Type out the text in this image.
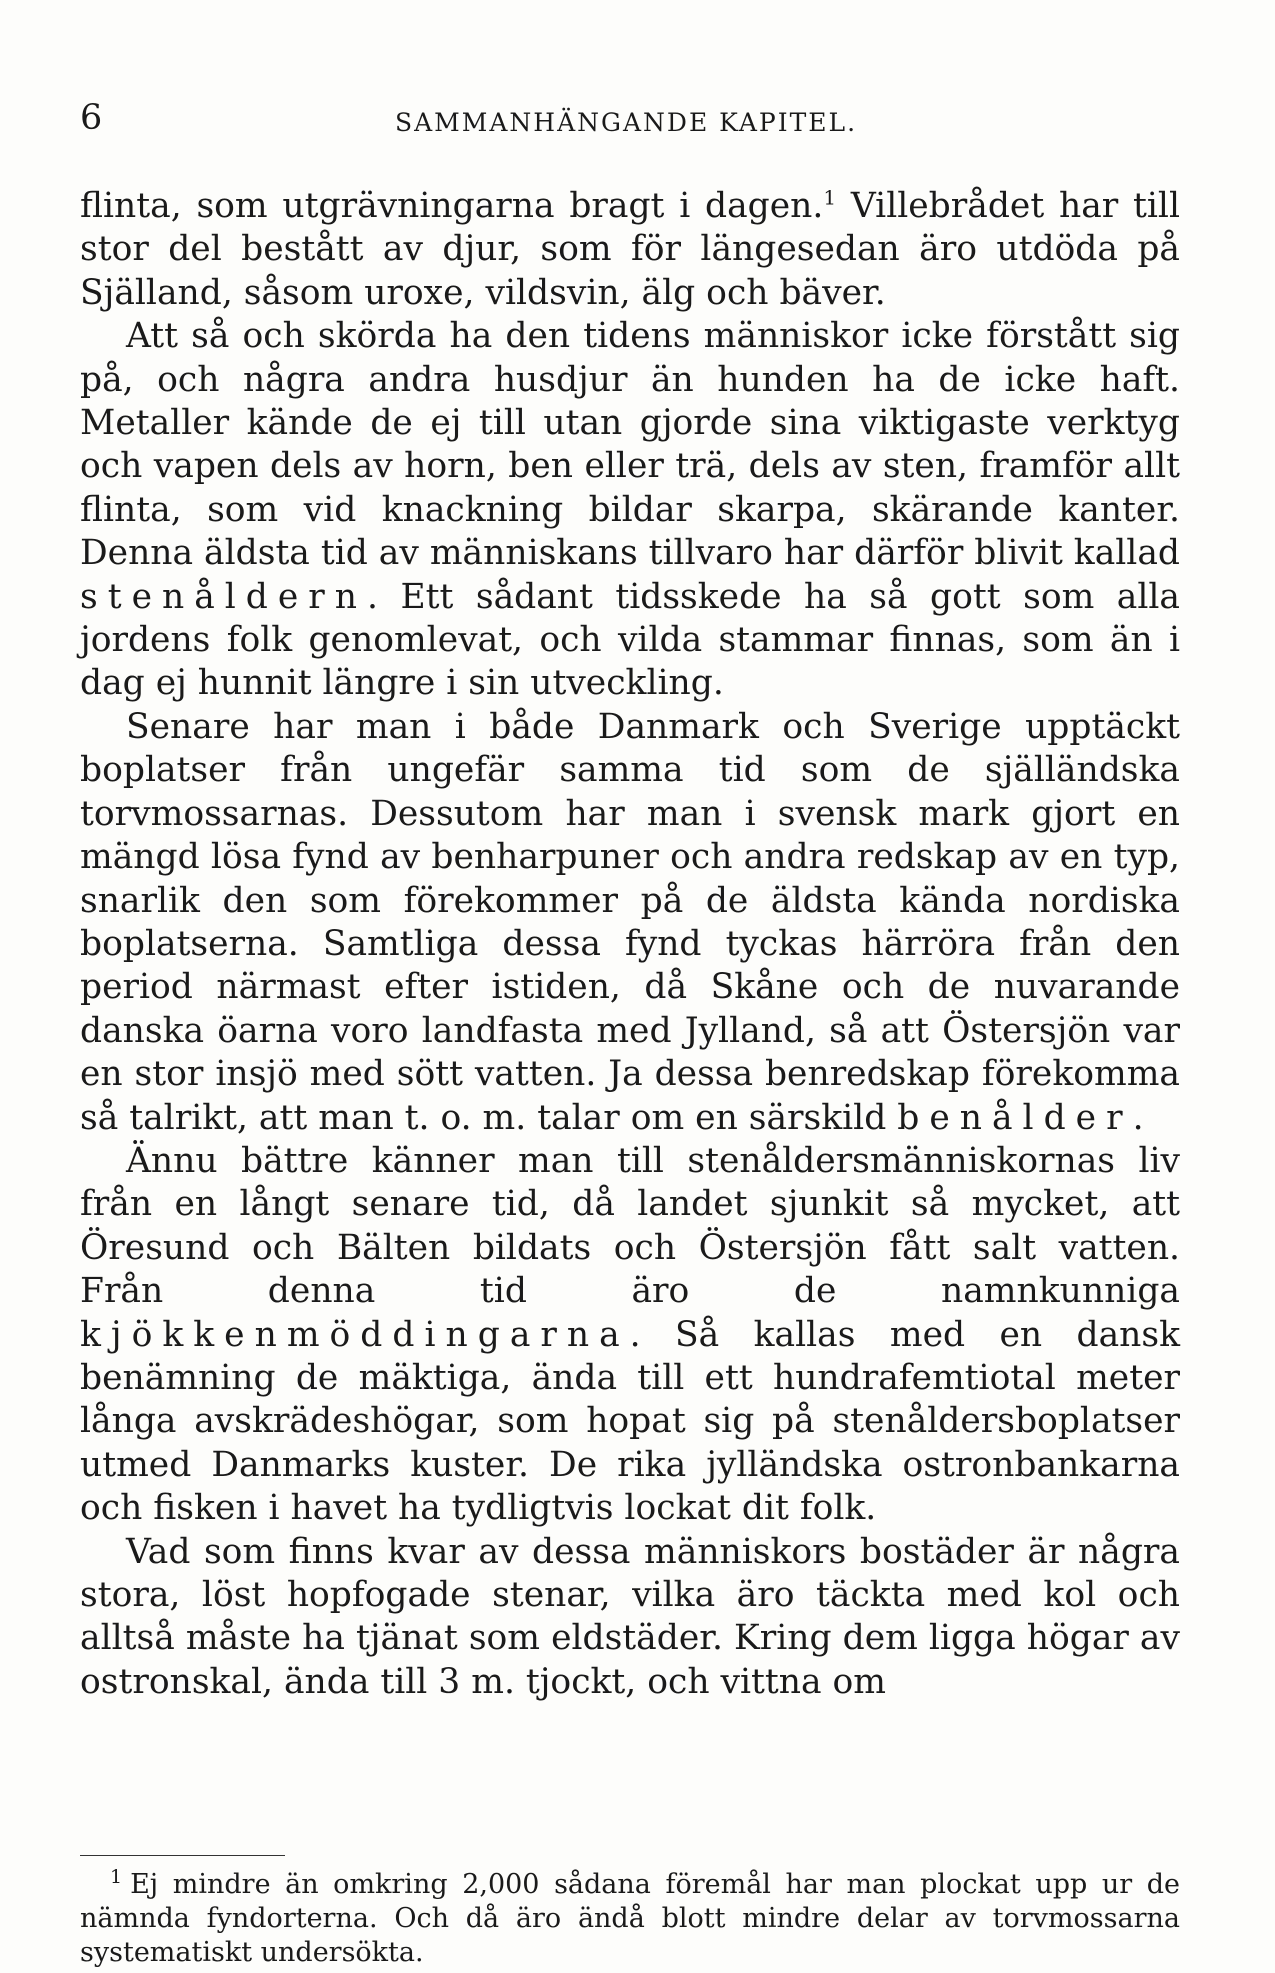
6	SAMMANHÄNGANDE KAPITEL.

flinta, som utgrävningarna bragt i dagen.$^1$ Villebrådet har till stor del bestått av djur, som för längesedan äro utdöda på Själland, såsom uroxe, vildsvin, älg och bäver.

Att så och skörda ha den tidens människor icke förstått sig på, och några andra husdjur än hunden ha de icke haft. Metaller kände de ej till utan gjorde sina viktigaste verktyg och vapen dels av horn, ben eller trä, dels av sten, framför allt flinta, som vid knackning bildar skarpa, skärande kanter. Denna äldsta tid av människans tillvaro har därför blivit kallad stenåldern. Ett sådant tidsskede ha så gott som alla jordens folk genomlevat, och vilda stammar finnas, som än i dag ej hunnit längre i sin utveckling.

Senare har man i både Danmark och Sverige upptäckt boplatser från ungefär samma tid som de själländska torvmossarnas. Dessutom har man i svensk mark gjort en mängd lösa fynd av benharpuner och andra redskap av en typ, snarlik den som förekommer på de äldsta kända nordiska boplatserna. Samtliga dessa fynd tyckas härröra från den period närmast efter istiden, då Skåne och de nuvarande danska öarna voro landfasta med Jylland, så att Östersjön var en stor insjö med sött vatten. Ja dessa benredskap förekomma så talrikt, att man t. o. m. talar om en särskild benålder.

Ännu bättre känner man till stenåldersmänniskornas liv från en långt senare tid, då landet sjunkit så mycket, att Öresund och Bälten bildats och Östersjön fått salt vatten. Från denna tid äro de namnkunniga kjökkenmöddingarna. Så kallas med en dansk benämning de mäktiga, ända till ett hundrafemtiotal meter långa avskrädeshögar, som hopat sig på stenåldersboplatser utmed Danmarks kuster. De rika jylländska ostronbankarna och fisken i havet ha tydligtvis lockat dit folk.

Vad som finns kvar av dessa människors bostäder är några stora, löst hopfogade stenar, vilka äro täckta med kol och alltså måste ha tjänat som eldstäder. Kring dem ligga högar av ostronskal, ända till 3 m. tjockt, och vittna om

$^1$ Ej mindre än omkring 2,000 sådana föremål har man plockat upp ur de nämnda fyndorterna. Och då äro ändå blott mindre delar av torvmossarna systematiskt undersökta.
